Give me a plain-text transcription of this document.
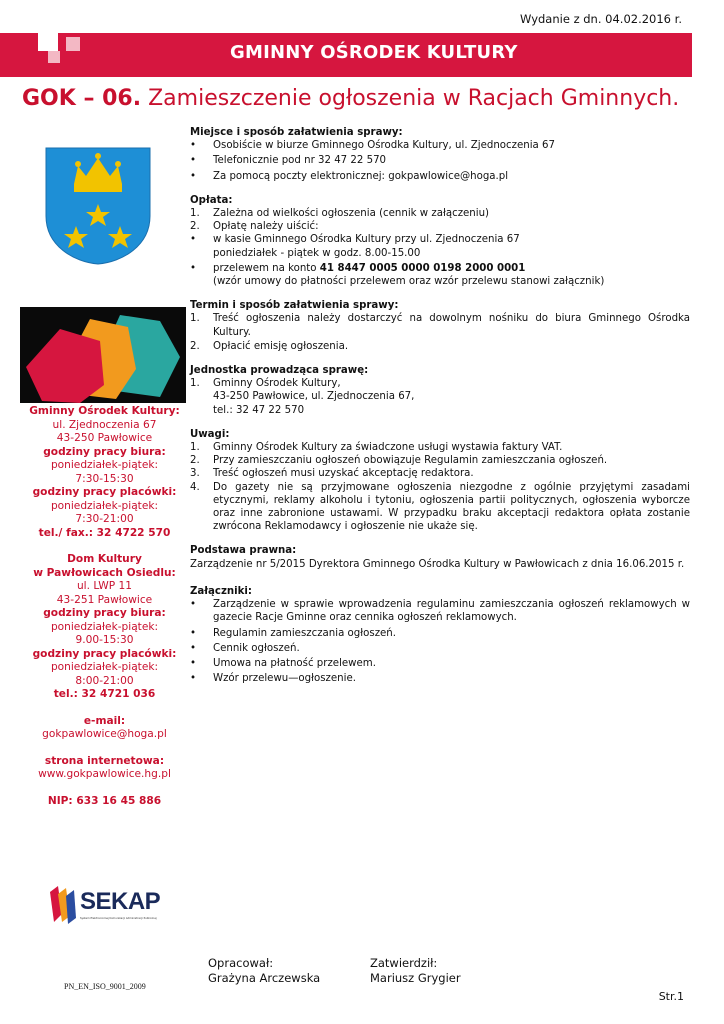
Wydanie z dn. 04.02.2016 r.
GMINNY OŚRODEK KULTURY
GOK – 06. Zamieszczenie ogłoszenia w Racjach Gminnych.
Miejsce i sposób załatwienia sprawy:
• Osobiście w biurze Gminnego Ośrodka Kultury, ul. Zjednoczenia 67
• Telefonicznie pod nr 32 47 22 570
• Za pomocą poczty elektronicznej: gokpawlowice@hoga.pl
Opłata:
1. Zależna od wielkości ogłoszenia (cennik w załączeniu)
2. Opłatę należy uiścić:
• w kasie Gminnego Ośrodka Kultury przy ul. Zjednoczenia 67
poniedziałek - piątek w godz. 8.00-15.00
• przelewem na konto 41 8447 0005 0000 0198 2000 0001
(wzór umowy do płatności przelewem oraz wzór przelewu stanowi załącznik)
Termin i sposób załatwienia sprawy:
1. Treść ogłoszenia należy dostarczyć na dowolnym nośniku do biura Gminnego Ośrodka Kultury.
2. Opłacić emisję ogłoszenia.
Jednostka prowadząca sprawę:
1. Gminny Ośrodek Kultury,
43-250 Pawłowice, ul. Zjednoczenia 67,
tel.: 32 47 22 570
Uwagi:
1. Gminny Ośrodek Kultury za świadczone usługi wystawia faktury VAT.
2. Przy zamieszczaniu ogłoszeń obowiązuje Regulamin zamieszczania ogłoszeń.
3. Treść ogłoszeń musi uzyskać akceptację redaktora.
4. Do gazety nie są przyjmowane ogłoszenia niezgodne z ogólnie przyjętymi zasadami etycznymi, reklamy alkoholu i tytoniu, ogłoszenia partii politycznych, ogłoszenia wyborcze oraz inne zabronione ustawami. W przypadku braku akceptacji redaktora opłata zostanie zwrócona Reklamodawcy i ogłoszenie nie ukaże się.
Podstawa prawna:
Zarządzenie nr 5/2015 Dyrektora Gminnego Ośrodka Kultury w Pawłowicach z dnia 16.06.2015 r.
Załączniki:
• Zarządzenie w sprawie wprowadzenia regulaminu zamieszczania ogłoszeń reklamowych w gazecie Racje Gminne oraz cennika ogłoszeń reklamowych.
• Regulamin zamieszczania ogłoszeń.
• Cennik ogłoszeń.
• Umowa na płatność przelewem.
• Wzór przelewu—ogłoszenie.
Gminny Ośrodek Kultury:
ul. Zjednoczenia 67
43-250 Pawłowice
godziny pracy biura:
poniedziałek-piątek:
7:30-15:30
godziny pracy placówki:
poniedziałek-piątek:
7:30-21:00
tel./ fax.: 32 4722 570
Dom Kultury
w Pawłowicach Osiedlu:
ul. LWP 11
43-251 Pawłowice
godziny pracy biura:
poniedziałek-piątek:
9.00-15:30
godziny pracy placówki:
poniedziałek-piątek:
8:00-21:00
tel.: 32 4721 036
e-mail:
gokpawlowice@hoga.pl
strona internetowa:
www.gokpawlowice.hg.pl
NIP: 633 16 45 886
SEKAP
System Elektronicznej Komunikacji Administracji Publicznej
PN_EN_ISO_9001_2009
Opracował:
Grażyna Arczewska
Zatwierdził:
Mariusz Grygier
Str.1
